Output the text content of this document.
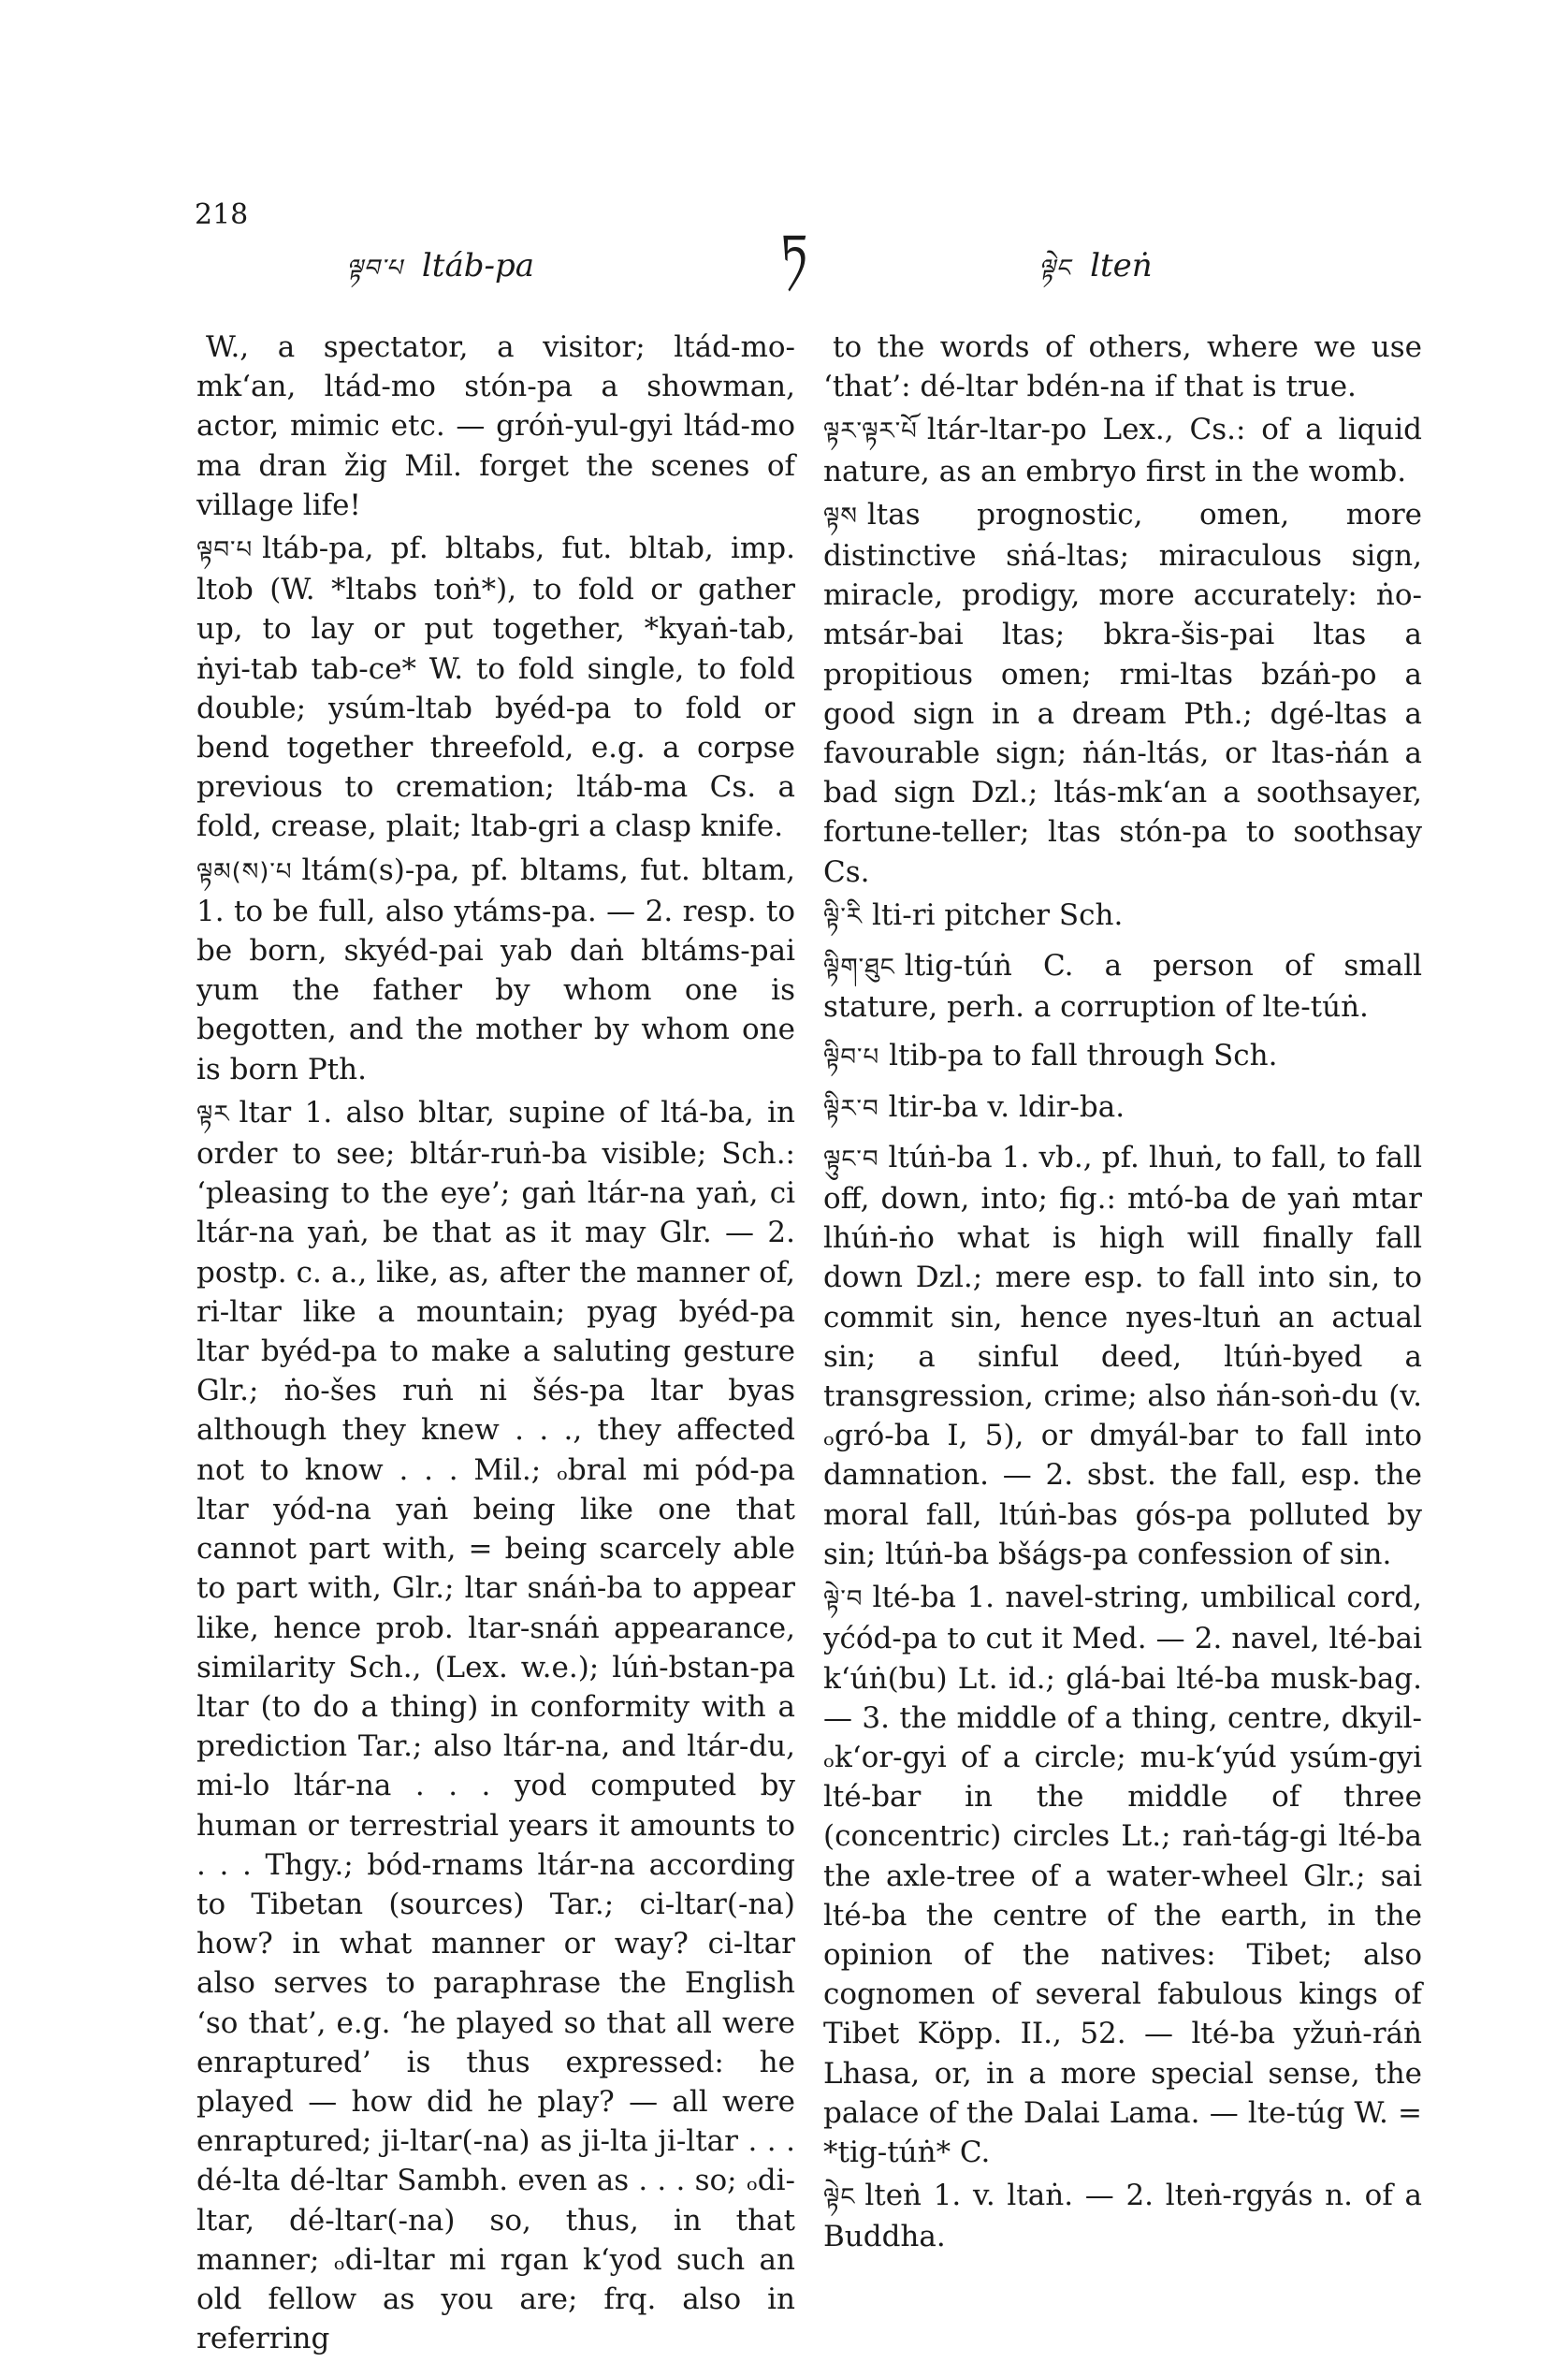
218
ལྟབ་པ ltáb-pa	ཏ	ལྟེང lteṅ

W., a spectator, a visitor; ltád-mo-mkʻan, ltád-mo stón-pa a showman, actor, mimic etc. — gróṅ-yul-gyi ltád-mo ma dran žig Mil. forget the scenes of village life!

ལྟབ་པ ltáb-pa, pf. bltabs, fut. bltab, imp. ltob (W. *ltabs toṅ*), to fold or gather up, to lay or put together, *kyaṅ-tab, ṅyi-tab tab-ce* W. to fold single, to fold double; ysúm-ltab byéd-pa to fold or bend together threefold, e.g. a corpse previous to cremation; ltáb-ma Cs. a fold, crease, plait; ltab-gri a clasp knife.

ལྟམ(ས)་པ ltám(s)-pa, pf. bltams, fut. bltam, 1. to be full, also ytáms-pa. — 2. resp. to be born, skyéd-pai yab daṅ bltáms-pai yum the father by whom one is begotten, and the mother by whom one is born Pth.

ལྟར ltar 1. also bltar, supine of ltá-ba, in order to see; bltár-ruṅ-ba visible; Sch.: ‘pleasing to the eye’; gaṅ ltár-na yaṅ, ci ltár-na yaṅ, be that as it may Glr. — 2. postp. c. a., like, as, after the manner of, ri-ltar like a mountain; pyag byéd-pa ltar byéd-pa to make a saluting gesture Glr.; ṅo-šes ruṅ ni šés-pa ltar byas although they knew . . ., they affected not to know . . . Mil.; ₒbral mi pód-pa ltar yód-na yaṅ being like one that cannot part with, = being scarcely able to part with, Glr.; ltar snáṅ-ba to appear like, hence prob. ltar-snáṅ appearance, similarity Sch., (Lex. w.e.); lúṅ-bstan-pa ltar (to do a thing) in conformity with a prediction Tar.; also ltár-na, and ltár-du, mi-lo ltár-na . . . yod computed by human or terrestrial years it amounts to . . . Thgy.; bód-rnams ltár-na according to Tibetan (sources) Tar.; ci-ltar(-na) how? in what manner or way? ci-ltar also serves to paraphrase the English ‘so that’, e.g. ‘he played so that all were enraptured’ is thus expressed: he played — how did he play? — all were enraptured; ji-ltar(-na) as ji-lta ji-ltar . . . dé-lta dé-ltar Sambh. even as . . . so; ₒdi-ltar, dé-ltar(-na) so, thus, in that manner; ₒdi-ltar mi rgan kʻyod such an old fellow as you are; frq. also in referring

to the words of others, where we use ‘that’: dé-ltar bdén-na if that is true.

ལྟར་ལྟར་པོ ltár-ltar-po Lex., Cs.: of a liquid nature, as an embryo first in the womb.

ལྟས ltas prognostic, omen, more distinctive sṅá-ltas; miraculous sign, miracle, prodigy, more accurately: ṅo-mtsár-bai ltas; bkra-šis-pai ltas a propitious omen; rmi-ltas bzáṅ-po a good sign in a dream Pth.; dgé-ltas a favourable sign; ṅán-ltás, or ltas-ṅán a bad sign Dzl.; ltás-mkʻan a soothsayer, fortune-teller; ltas stón-pa to soothsay Cs.

ལྟི་རི lti-ri pitcher Sch.

ལྟིག་ཐུང ltig-túṅ C. a person of small stature, perh. a corruption of lte-túṅ.

ལྟིབ་པ ltib-pa to fall through Sch.

ལྟིར་བ ltir-ba v. ldir-ba.

ལྟུང་བ ltúṅ-ba 1. vb., pf. lhuṅ, to fall, to fall off, down, into; fig.: mtó-ba de yaṅ mtar lhúṅ-ṅo what is high will finally fall down Dzl.; mere esp. to fall into sin, to commit sin, hence nyes-ltuṅ an actual sin; a sinful deed, ltúṅ-byed a transgression, crime; also ṅán-soṅ-du (v. ₒgró-ba I, 5), or dmyál-bar to fall into damnation. — 2. sbst. the fall, esp. the moral fall, ltúṅ-bas gós-pa polluted by sin; ltúṅ-ba bšágs-pa confession of sin.

ལྟེ་བ lté-ba 1. navel-string, umbilical cord, yćód-pa to cut it Med. — 2. navel, lté-bai kʻúṅ(bu) Lt. id.; glá-bai lté-ba musk-bag. — 3. the middle of a thing, centre, dkyil-ₒkʻor-gyi of a circle; mu-kʻyúd ysúm-gyi lté-bar in the middle of three (concentric) circles Lt.; raṅ-tág-gi lté-ba the axle-tree of a water-wheel Glr.; sai lté-ba the centre of the earth, in the opinion of the natives: Tibet; also cognomen of several fabulous kings of Tibet Köpp. II., 52. — lté-ba yžuṅ-ráṅ Lhasa, or, in a more special sense, the palace of the Dalai Lama. — lte-túg W. = *tig-túṅ* C.

ལྟེང lteṅ 1. v. ltaṅ. — 2. lteṅ-rgyás n. of a Buddha.
